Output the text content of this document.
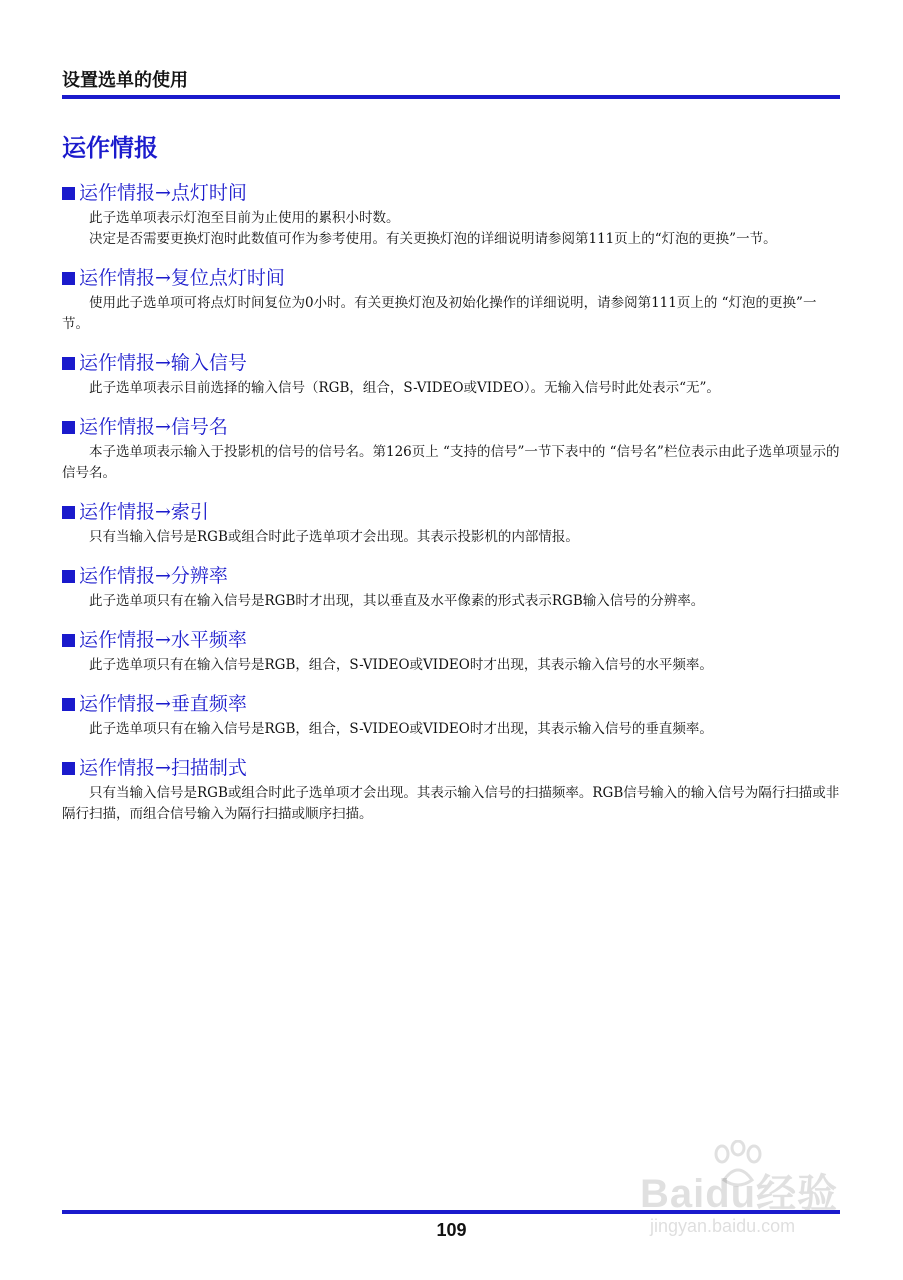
设置选单的使用
运作情报
运作情报→点灯时间

此子选单项表示灯泡至目前为止使用的累积小时数。

决定是否需要更换灯泡时此数值可作为参考使用。有关更换灯泡的详细说明请参阅第111页上的“灯泡的更换”一节。

运作情报→复位点灯时间

使用此子选单项可将点灯时间复位为0小时。有关更换灯泡及初始化操作的详细说明，请参阅第111页上的 “灯泡的更换”一节。

运作情报→输入信号

此子选单项表示目前选择的输入信号（RGB，组合，S-VIDEO或VIDEO）。无输入信号时此处表示“无”。

运作情报→信号名

本子选单项表示输入于投影机的信号的信号名。第126页上 “支持的信号”一节下表中的 “信号名”栏位表示由此子选单项显示的信号名。

运作情报→索引

只有当输入信号是RGB或组合时此子选单项才会出现。其表示投影机的内部情报。

运作情报→分辨率

此子选单项只有在输入信号是RGB时才出现，其以垂直及水平像素的形式表示RGB输入信号的分辨率。

运作情报→水平频率

此子选单项只有在输入信号是RGB，组合，S-VIDEO或VIDEO时才出现，其表示输入信号的水平频率。

运作情报→垂直频率

此子选单项只有在输入信号是RGB，组合，S-VIDEO或VIDEO时才出现，其表示输入信号的垂直频率。

运作情报→扫描制式

只有当输入信号是RGB或组合时此子选单项才会出现。其表示输入信号的扫描频率。RGB信号输入的输入信号为隔行扫描或非隔行扫描，而组合信号输入为隔行扫描或顺序扫描。

Baidu经验
jingyan.baidu.com
109
